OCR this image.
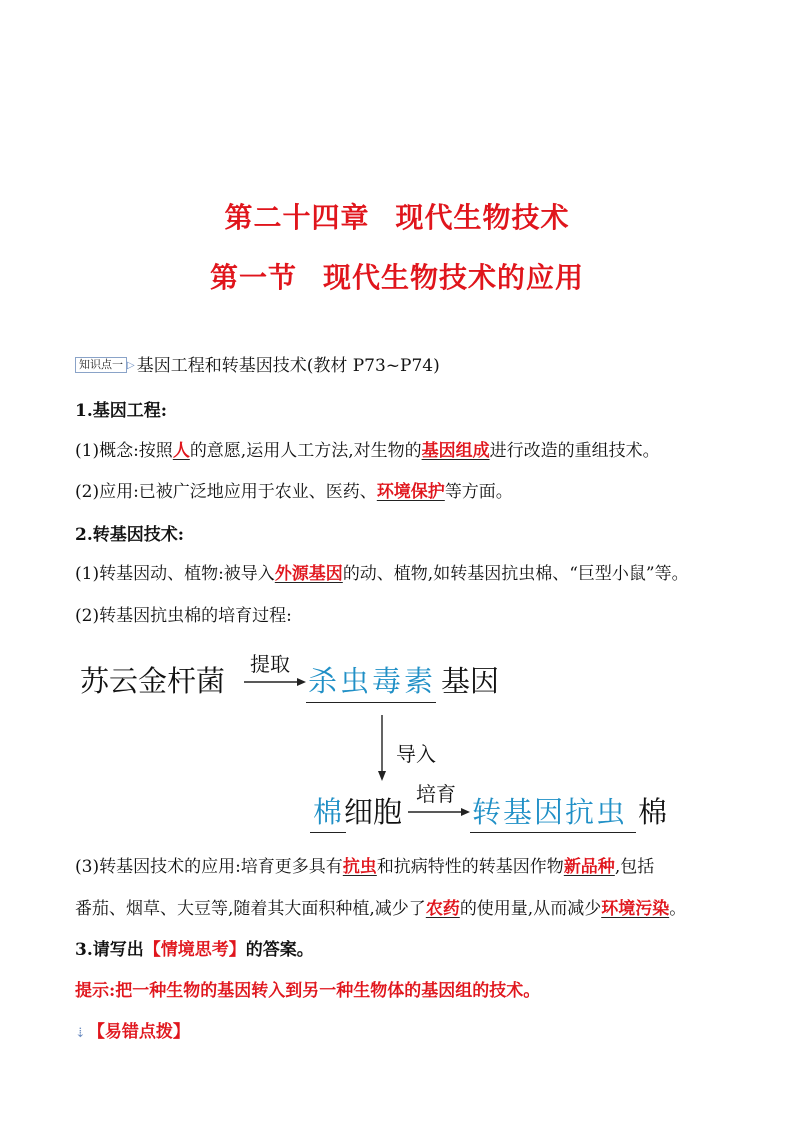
第二十四章 现代生物技术
第一节 现代生物技术的应用
知识点一 ▷ 基因工程和转基因技术(教材 P73~P74)
1.基因工程:
(1)概念:按照人的意愿,运用人工方法,对生物的基因组成进行改造的重组技术。
(2)应用:已被广泛地应用于农业、医药、环境保护等方面。
2.转基因技术:
(1)转基因动、植物:被导入外源基因的动、植物,如转基因抗虫棉、“巨型小鼠”等。
(2)转基因抗虫棉的培育过程:
苏云金杆菌 提取 杀虫毒素 基因
导入
棉 细胞
培育
转基因抗虫 棉
(3)转基因技术的应用:培育更多具有抗虫和抗病特性的转基因作物新品种,包括
番茄、烟草、大豆等,随着其大面积种植,减少了农药的使用量,从而减少环境污染。
3.请写出【情境思考】的答案。
提示:把一种生物的基因转入到另一种生物体的基因组的技术。
⇣ 【易错点拨】
